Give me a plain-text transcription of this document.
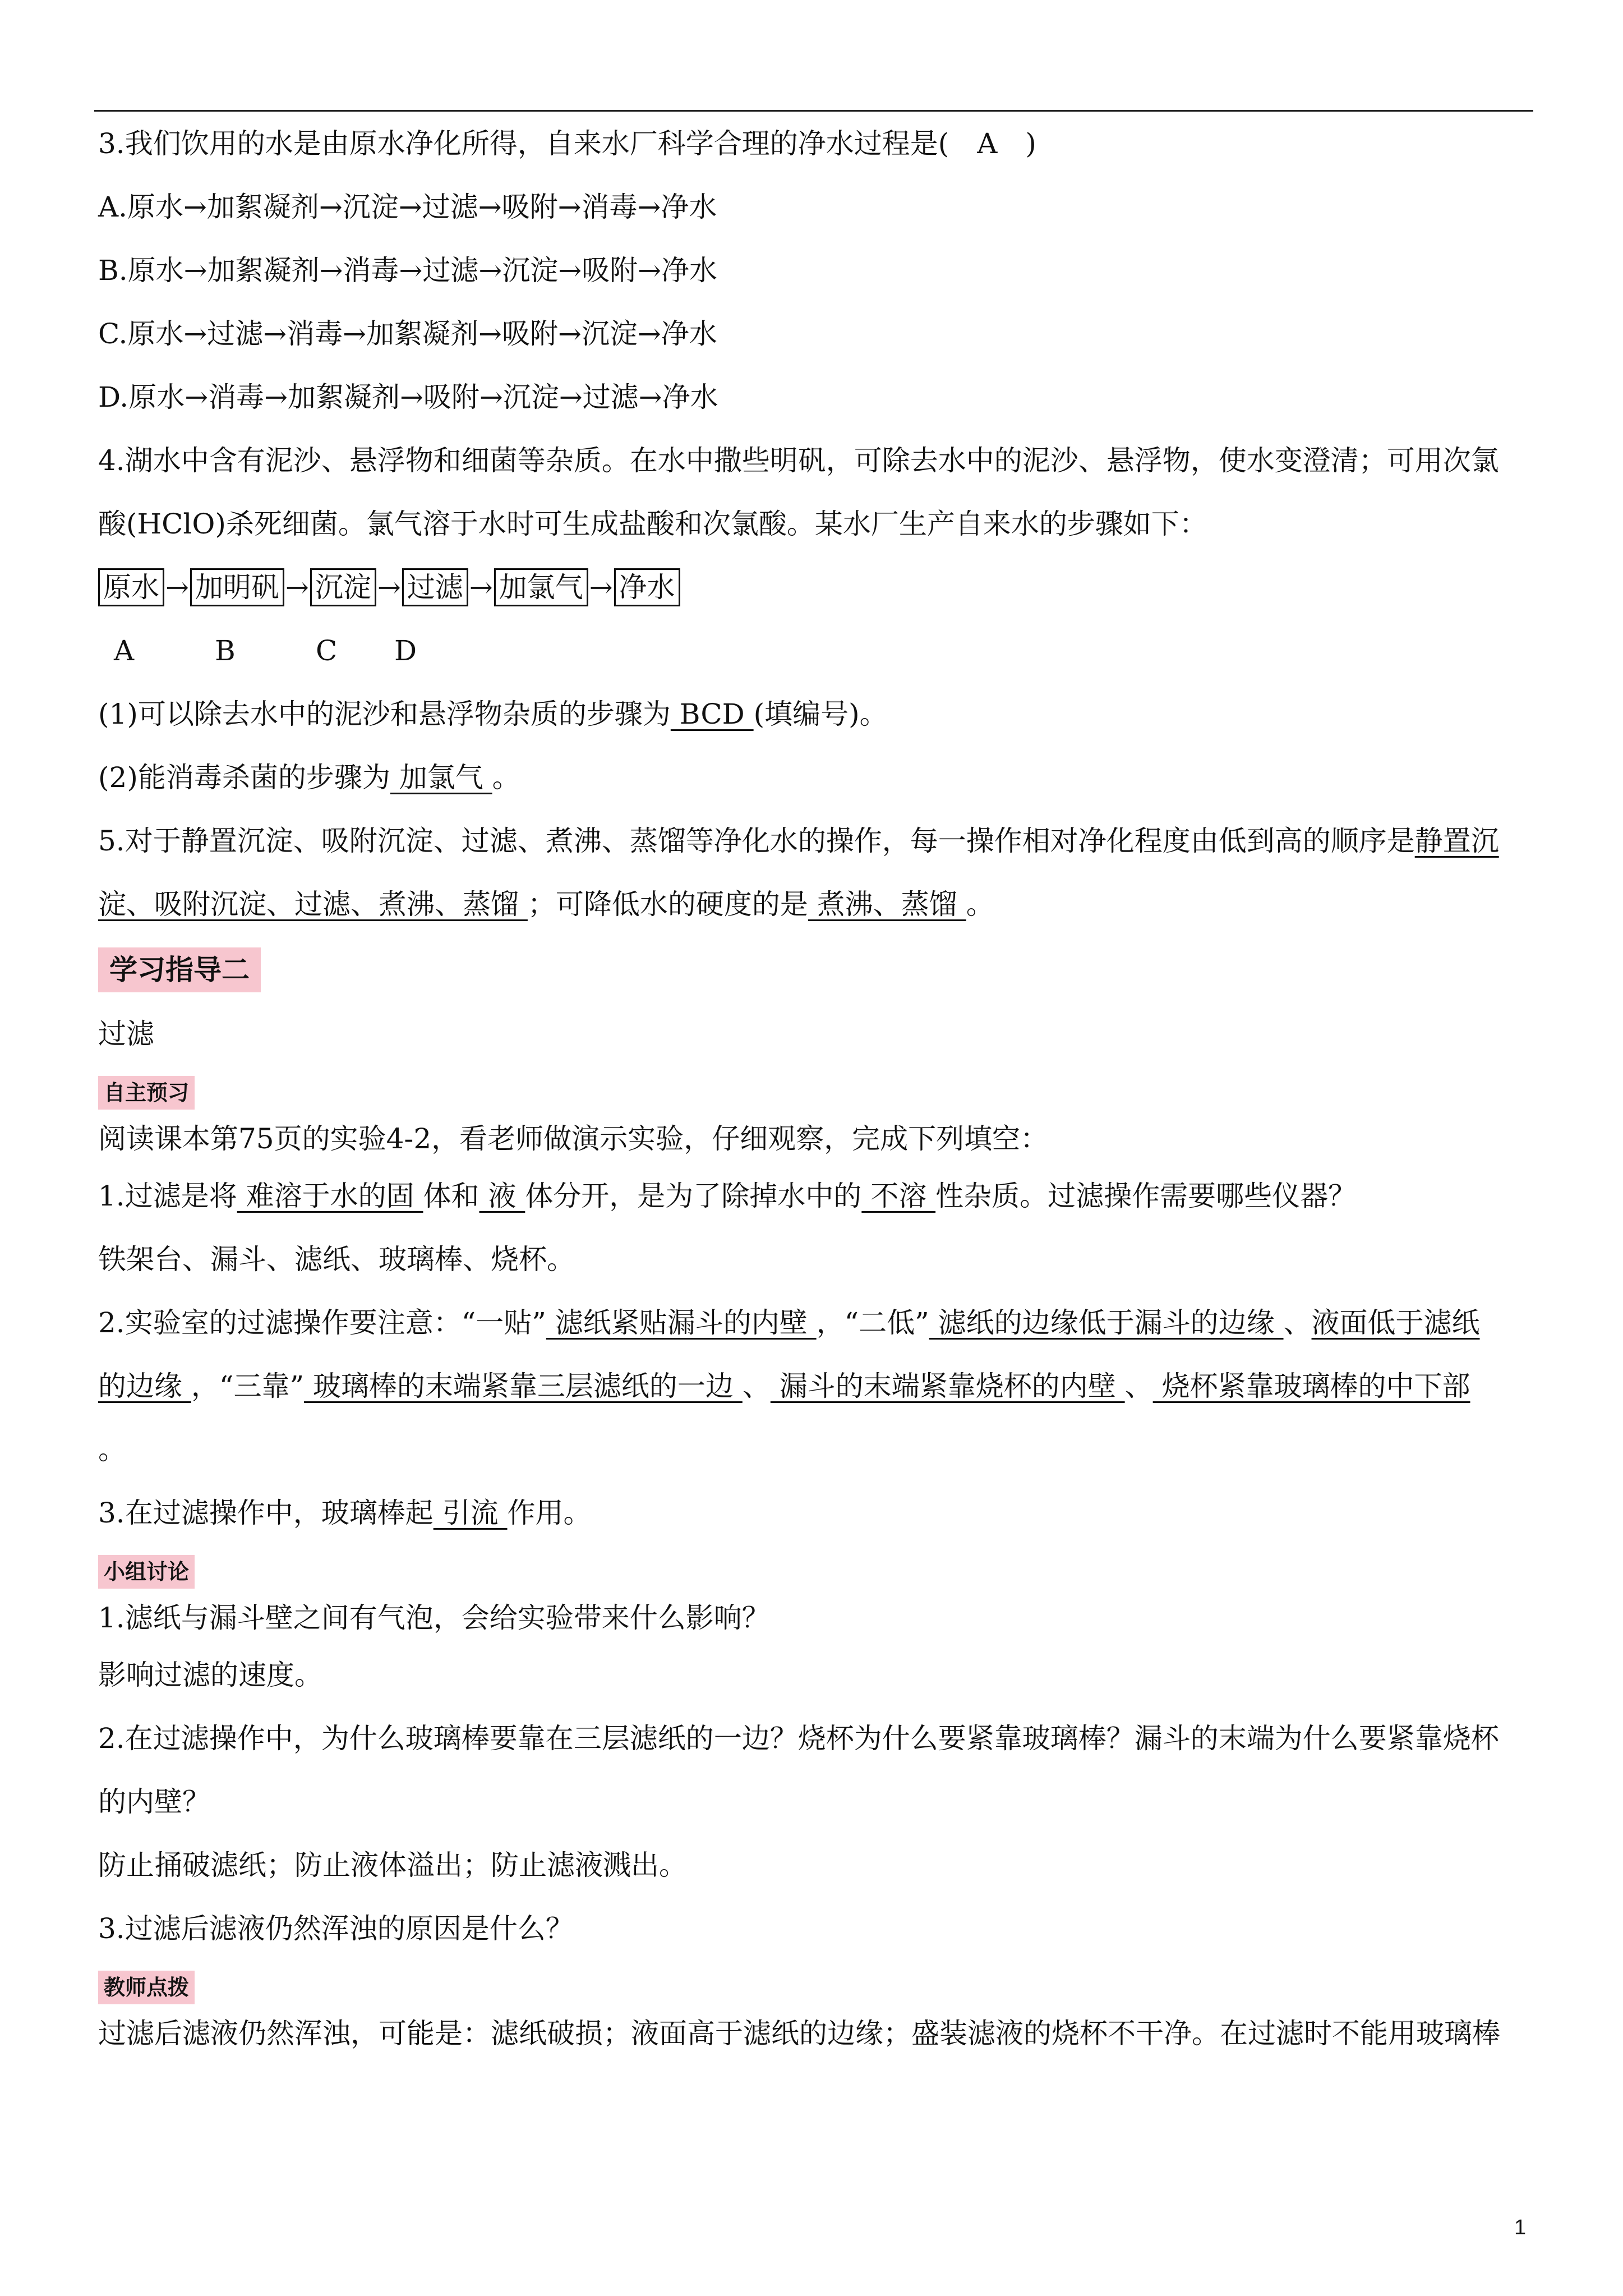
3.我们饮用的水是由原水净化所得，自来水厂科学合理的净水过程是(　A　)
A.原水→加絮凝剂→沉淀→过滤→吸附→消毒→净水
B.原水→加絮凝剂→消毒→过滤→沉淀→吸附→净水
C.原水→过滤→消毒→加絮凝剂→吸附→沉淀→净水
D.原水→消毒→加絮凝剂→吸附→沉淀→过滤→净水
4.湖水中含有泥沙、悬浮物和细菌等杂质。在水中撒些明矾，可除去水中的泥沙、悬浮物，使水变澄清；可用次氯
酸(HClO)杀死细菌。氯气溶于水时可生成盐酸和次氯酸。某水厂生产自来水的步骤如下：
原水 → 加明矾 → 沉淀 → 过滤 → 加氯气 → 净水
A	B	C D
(1)可以除去水中的泥沙和悬浮物杂质的步骤为 BCD (填编号)。
(2)能消毒杀菌的步骤为 加氯气 。
5.对于静置沉淀、吸附沉淀、过滤、煮沸、蒸馏等净化水的操作，每一操作相对净化程度由低到高的顺序是静置沉
淀、吸附沉淀、过滤、煮沸、蒸馏 ；可降低水的硬度的是 煮沸、蒸馏 。
学习指导二
过滤
自主预习
阅读课本第75页的实验4-2，看老师做演示实验，仔细观察，完成下列填空：
1.过滤是将 难溶于水的固 体和 液 体分开，是为了除掉水中的 不溶 性杂质。过滤操作需要哪些仪器？
铁架台、漏斗、滤纸、玻璃棒、烧杯。
2.实验室的过滤操作要注意：“一贴” 滤纸紧贴漏斗的内壁 ，“二低” 滤纸的边缘低于漏斗的边缘 、液面低于滤纸
的边缘 ，“三靠” 玻璃棒的末端紧靠三层滤纸的一边 、 漏斗的末端紧靠烧杯的内壁 、 烧杯紧靠玻璃棒的中下部
。
3.在过滤操作中，玻璃棒起 引流 作用。
小组讨论
1.滤纸与漏斗壁之间有气泡，会给实验带来什么影响？
影响过滤的速度。
2.在过滤操作中，为什么玻璃棒要靠在三层滤纸的一边？烧杯为什么要紧靠玻璃棒？漏斗的末端为什么要紧靠烧杯
的内壁？
防止捅破滤纸；防止液体溢出；防止滤液溅出。
3.过滤后滤液仍然浑浊的原因是什么？
教师点拨
过滤后滤液仍然浑浊，可能是：滤纸破损；液面高于滤纸的边缘；盛装滤液的烧杯不干净。在过滤时不能用玻璃棒
1
